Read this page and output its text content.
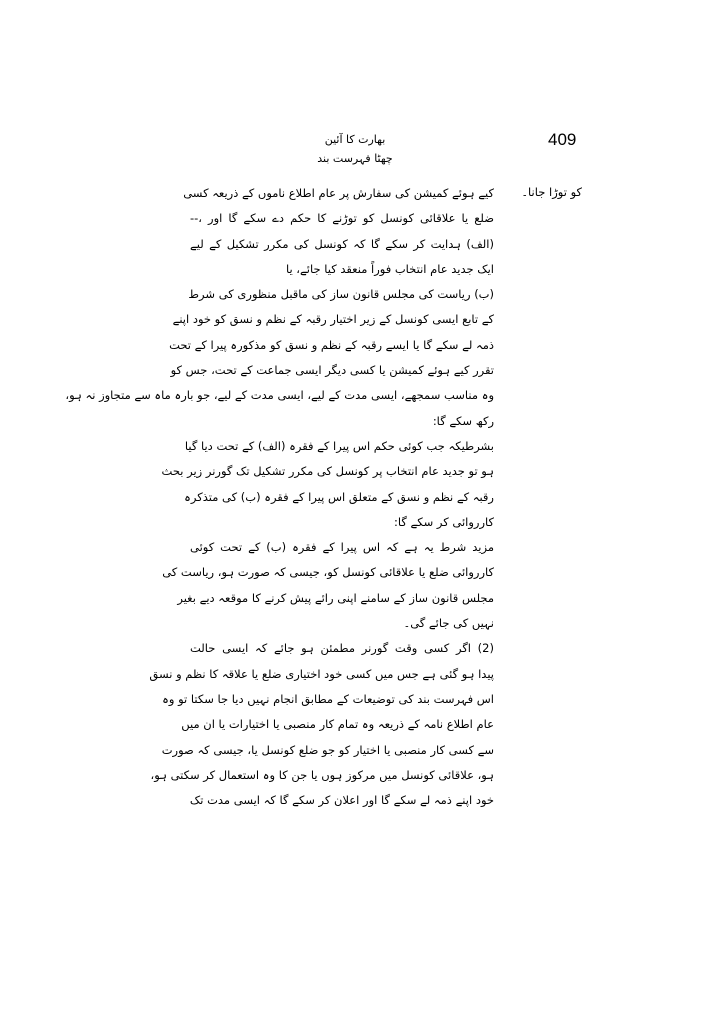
409
بھارت کا آئین
چھٹا فہرست بند
کو توڑا جانا۔
کیے ہوئے کمیشن کی سفارش پر عام اطلاع ناموں کے ذریعہ کسی
ضلع یا علاقائی کونسل کو توڑنے کا حکم دے سکے گا اور ،--
(الف) ہدایت کر سکے گا کہ کونسل کی مکرر تشکیل کے لیے
ایک جدید عام انتخاب فوراً منعقد کیا جائے، یا
(ب) ریاست کی مجلس قانون ساز کی ماقبل منظوری کی شرط
کے تابع ایسی کونسل کے زیر اختیار رقبہ کے نظم و نسق کو خود اپنے
ذمہ لے سکے گا یا ایسے رقبہ کے نظم و نسق کو مذکورہ پیرا کے تحت
تقرر کیے ہوئے کمیشن یا کسی دیگر ایسی جماعت کے تحت، جس کو
وہ مناسب سمجھے، ایسی مدت کے لیے، ایسی مدت کے لیے، جو بارہ ماہ سے متجاوز نہ ہو،
رکھ سکے گا:
بشرطیکہ جب کوئی حکم اس پیرا کے فقرہ (الف) کے تحت دیا گیا
ہو تو جدید عام انتخاب پر کونسل کی مکرر تشکیل تک گورنر زیر بحث
رقبہ کے نظم و نسق کے متعلق اس پیرا کے فقرہ (ب) کی متذکرہ
کارروائی کر سکے گا:
مزید شرط یہ ہے کہ اس پیرا کے فقرہ (ب) کے تحت کوئی
کارروائی ضلع یا علاقائی کونسل کو، جیسی کہ صورت ہو، ریاست کی
مجلس قانون ساز کے سامنے اپنی رائے پیش کرنے کا موقعہ دیے بغیر
نہیں کی جائے گی۔
(2) اگر کسی وقت گورنر مطمئن ہو جائے کہ ایسی حالت
پیدا ہو گئی ہے جس میں کسی خود اختیاری ضلع یا علاقہ کا نظم و نسق
اس فہرست بند کی توضیعات کے مطابق انجام نہیں دیا جا سکتا تو وہ
عام اطلاع نامہ کے ذریعہ وہ تمام کار منصبی یا اختیارات یا ان میں
سے کسی کار منصبی یا اختیار کو جو ضلع کونسل یا، جیسی کہ صورت
ہو، علاقائی کونسل میں مرکوز ہوں یا جن کا وہ استعمال کر سکتی ہو،
خود اپنے ذمہ لے سکے گا اور اعلان کر سکے گا کہ ایسی مدت تک
